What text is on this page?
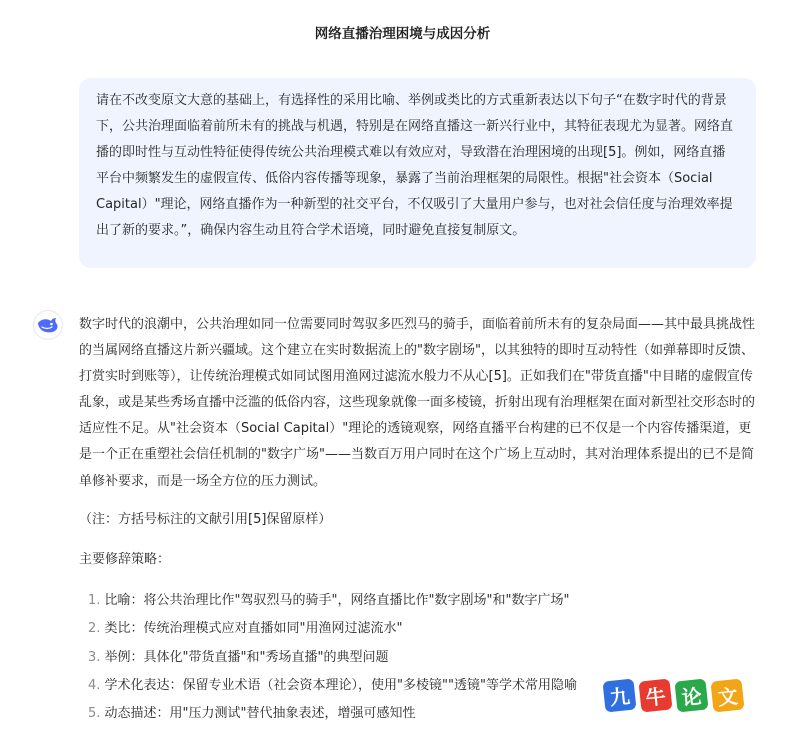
网络直播治理困境与成因分析
请在不改变原文大意的基础上，有选择性的采用比喻、举例或类比的方式重新表达以下句子“在数字时代的背景下，公共治理面临着前所未有的挑战与机遇，特别是在网络直播这一新兴行业中，其特征表现尤为显著。网络直播的即时性与互动性特征使得传统公共治理模式难以有效应对，导致潜在治理困境的出现[5]。例如，网络直播平台中频繁发生的虚假宣传、低俗内容传播等现象，暴露了当前治理框架的局限性。根据"社会资本（Social Capital）"理论，网络直播作为一种新型的社交平台，不仅吸引了大量用户参与，也对社会信任度与治理效率提出了新的要求。”，确保内容生动且符合学术语境，同时避免直接复制原文。

数字时代的浪潮中，公共治理如同一位需要同时驾驭多匹烈马的骑手，面临着前所未有的复杂局面——其中最具挑战性的当属网络直播这片新兴疆域。这个建立在实时数据流上的"数字剧场"，以其独特的即时互动特性（如弹幕即时反馈、打赏实时到账等），让传统治理模式如同试图用渔网过滤流水般力不从心[5]。正如我们在"带货直播"中目睹的虚假宣传乱象，或是某些秀场直播中泛滥的低俗内容，这些现象就像一面多棱镜，折射出现有治理框架在面对新型社交形态时的适应性不足。从"社会资本（Social Capital）"理论的透镜观察，网络直播平台构建的已不仅是一个内容传播渠道，更是一个正在重塑社会信任机制的"数字广场"——当数百万用户同时在这个广场上互动时，其对治理体系提出的已不是简单修补要求，而是一场全方位的压力测试。

（注：方括号标注的文献引用[5]保留原样）

主要修辞策略：

1. 比喻：将公共治理比作"驾驭烈马的骑手"，网络直播比作"数字剧场"和"数字广场"
2. 类比：传统治理模式应对直播如同"用渔网过滤流水"
3. 举例：具体化"带货直播"和"秀场直播"的典型问题
4. 学术化表达：保留专业术语（社会资本理论），使用"多棱镜""透镜"等学术常用隐喻
5. 动态描述：用"压力测试"替代抽象表述，增强可感知性
九 牛 论 文
